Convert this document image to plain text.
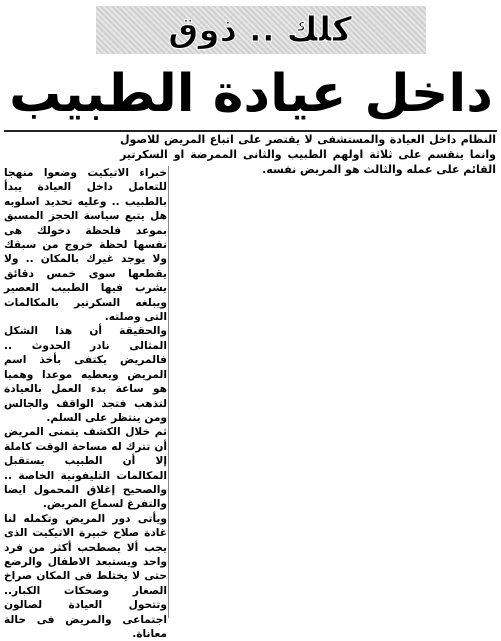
كلك .. ذوق
داخل عيادة الطبيب
النظام داخل العيادة والمستشفى لا يقتصر على اتباع المريض للاصول وانما ينقسم على ثلاثة اولهم الطبيب والثانى الممرضة او السكرتير القائم على عمله والثالث هو المريض نفسه.

خبراء الاتيكيت وضعوا منهجا للتعامل داخل العيادة يبدأ بالطبيب .. وعليه تحديد اسلوبه هل يتبع سياسة الحجز المسبق بموعد فلحظة دخولك هى نفسها لحظة خروج من سبقك ولا يوجد غيرك بالمكان .. ولا يقطعها سوى خمس دقائق يشرب فيها الطبيب العصير ويبلغه السكرتير بالمكالمات التى وصلته.

والحقيقة أن هذا الشكل المثالى نادر الحدوث .. فالمريض يكتفى بأخذ اسم المريض ويعطيه موعدا وهميا هو ساعة بدء العمل بالعيادة لتذهب فتجد الواقف والجالس ومن ينتظر على السلم.

ثم خلال الكشف يتمنى المريض أن تترك له مساحة الوقت كاملة إلا أن الطبيب يستقبل المكالمات التليفونية الخاصة .. والصحيح إغلاق المحمول ايضا والتفرغ لسماع المريض.

ويأتى دور المريض وتكمله لنا غادة صلاح خبيرة الاتيكيت الذى يجب ألا يصطحب أكثر من فرد واحد ويستبعد الاطفال والرضع حتى لا يختلط فى المكان صراخ الصغار وضحكات الكبار.. وتتحول العيادة لصالون اجتماعى والمريض فى حالة معاناة.
